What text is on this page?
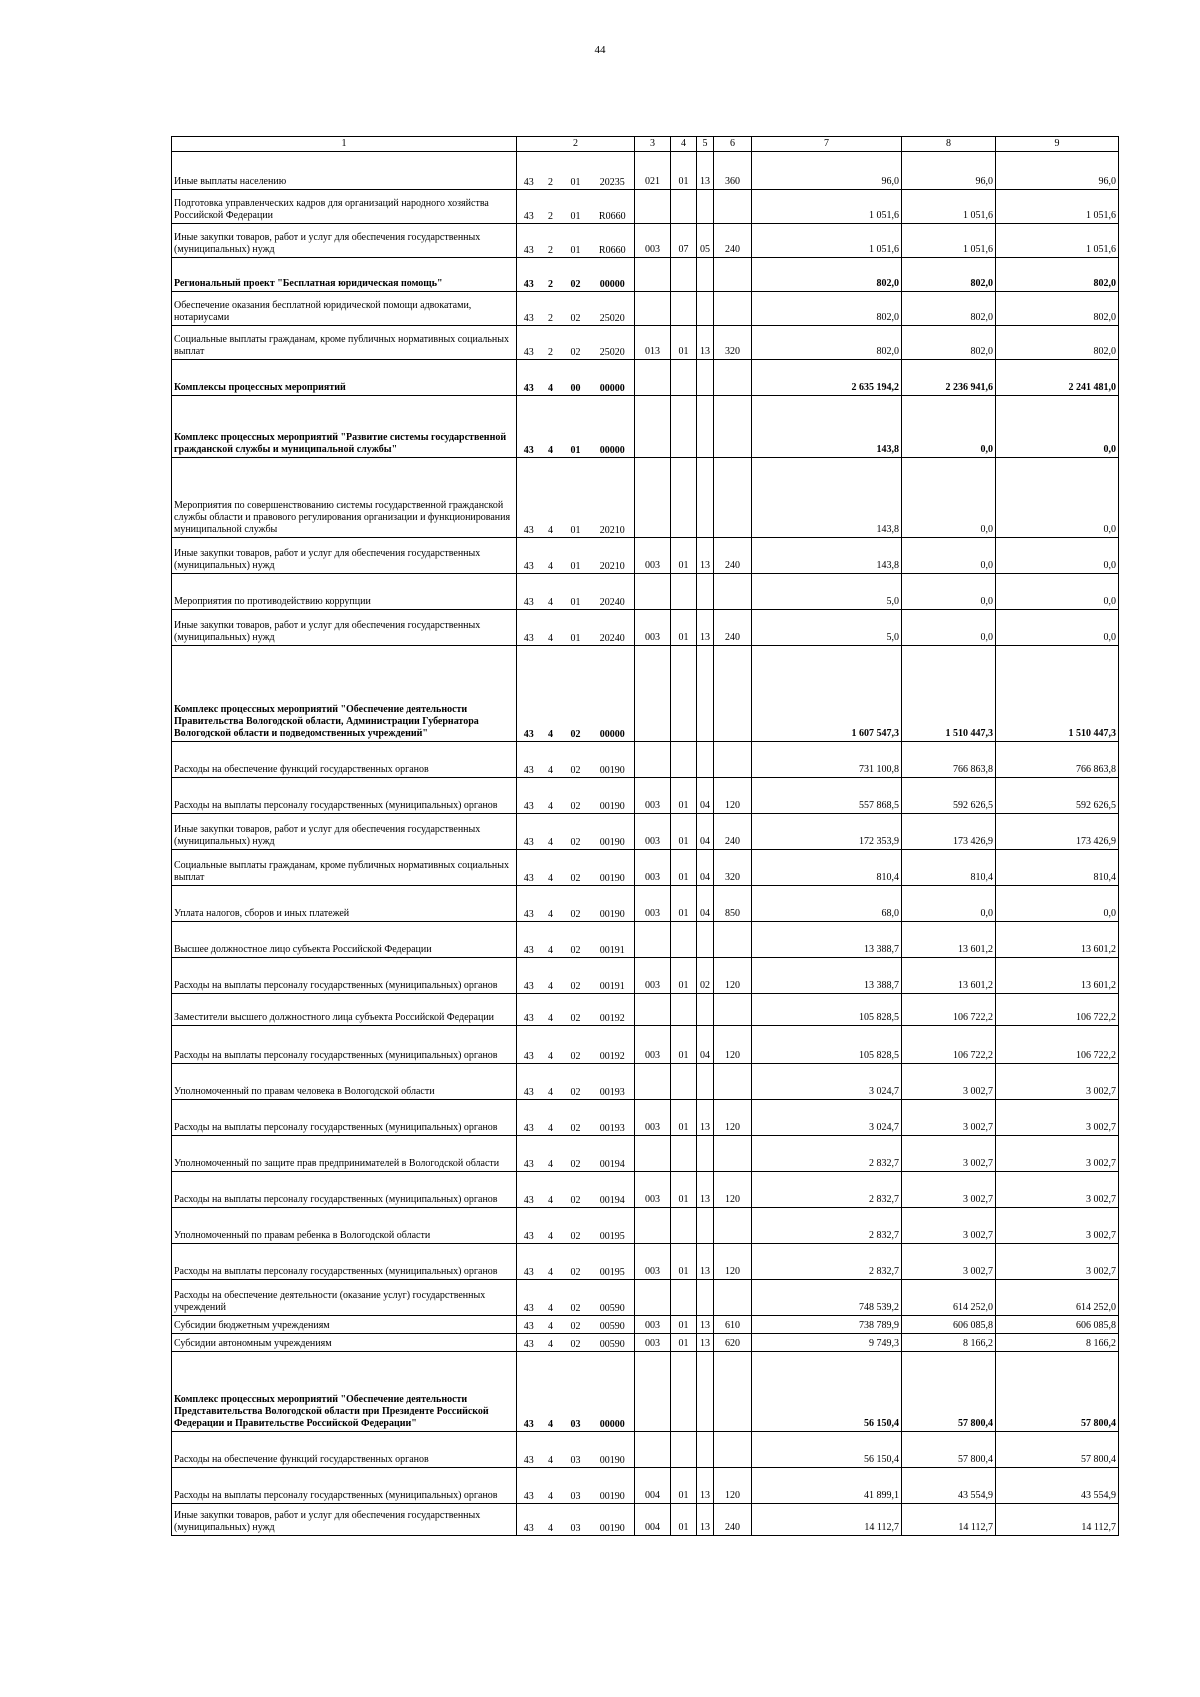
44
1	2				3	4	5	6	7	8	9
Иные выплаты населению	43	2	01	20235	021	01	13	360	96,0	96,0	96,0
Подготовка управленческих кадров для организаций народного хозяйства Российской Федерации	43	2	01	R0660					1 051,6	1 051,6	1 051,6
Иные закупки товаров, работ и услуг для обеспечения государственных (муниципальных) нужд	43	2	01	R0660	003	07	05	240	1 051,6	1 051,6	1 051,6
Региональный проект "Бесплатная юридическая помощь"	43	2	02	00000					802,0	802,0	802,0
Обеспечение оказания бесплатной юридической помощи адвокатами, нотариусами	43	2	02	25020					802,0	802,0	802,0
Социальные выплаты гражданам, кроме публичных нормативных социальных выплат	43	2	02	25020	013	01	13	320	802,0	802,0	802,0
Комплексы процессных мероприятий	43	4	00	00000					2 635 194,2	2 236 941,6	2 241 481,0
Комплекс процессных мероприятий "Развитие системы государственной гражданской службы и муниципальной службы"	43	4	01	00000					143,8	0,0	0,0
Мероприятия по совершенствованию системы государственной гражданской службы области и правового регулирования организации и функционирования муниципальной службы	43	4	01	20210					143,8	0,0	0,0
Иные закупки товаров, работ и услуг для обеспечения государственных (муниципальных) нужд	43	4	01	20210	003	01	13	240	143,8	0,0	0,0
Мероприятия по противодействию коррупции	43	4	01	20240					5,0	0,0	0,0
Иные закупки товаров, работ и услуг для обеспечения государственных (муниципальных) нужд	43	4	01	20240	003	01	13	240	5,0	0,0	0,0
Комплекс процессных мероприятий "Обеспечение деятельности Правительства Вологодской области, Администрации Губернатора Вологодской области и подведомственных учреждений"	43	4	02	00000					1 607 547,3	1 510 447,3	1 510 447,3
Расходы на обеспечение функций государственных органов	43	4	02	00190					731 100,8	766 863,8	766 863,8
Расходы на выплаты персоналу государственных (муниципальных) органов	43	4	02	00190	003	01	04	120	557 868,5	592 626,5	592 626,5
Иные закупки товаров, работ и услуг для обеспечения государственных (муниципальных) нужд	43	4	02	00190	003	01	04	240	172 353,9	173 426,9	173 426,9
Социальные выплаты гражданам, кроме публичных нормативных социальных выплат	43	4	02	00190	003	01	04	320	810,4	810,4	810,4
Уплата налогов, сборов и иных платежей	43	4	02	00190	003	01	04	850	68,0	0,0	0,0
Высшее должностное лицо субъекта Российской Федерации	43	4	02	00191					13 388,7	13 601,2	13 601,2
Расходы на выплаты персоналу государственных (муниципальных) органов	43	4	02	00191	003	01	02	120	13 388,7	13 601,2	13 601,2
Заместители высшего должностного лица субъекта Российской Федерации	43	4	02	00192					105 828,5	106 722,2	106 722,2
Расходы на выплаты персоналу государственных (муниципальных) органов	43	4	02	00192	003	01	04	120	105 828,5	106 722,2	106 722,2
Уполномоченный по правам человека в Вологодской области	43	4	02	00193					3 024,7	3 002,7	3 002,7
Расходы на выплаты персоналу государственных (муниципальных) органов	43	4	02	00193	003	01	13	120	3 024,7	3 002,7	3 002,7
Уполномоченный по защите прав предпринимателей в Вологодской области	43	4	02	00194					2 832,7	3 002,7	3 002,7
Расходы на выплаты персоналу государственных (муниципальных) органов	43	4	02	00194	003	01	13	120	2 832,7	3 002,7	3 002,7
Уполномоченный по правам ребенка в Вологодской области	43	4	02	00195					2 832,7	3 002,7	3 002,7
Расходы на выплаты персоналу государственных (муниципальных) органов	43	4	02	00195	003	01	13	120	2 832,7	3 002,7	3 002,7
Расходы на обеспечение деятельности (оказание услуг) государственных учреждений	43	4	02	00590					748 539,2	614 252,0	614 252,0
Субсидии бюджетным учреждениям	43	4	02	00590	003	01	13	610	738 789,9	606 085,8	606 085,8
Субсидии автономным учреждениям	43	4	02	00590	003	01	13	620	9 749,3	8 166,2	8 166,2
Комплекс процессных мероприятий "Обеспечение деятельности Представительства Вологодской области при Президенте Российской Федерации и Правительстве Российской Федерации"	43	4	03	00000					56 150,4	57 800,4	57 800,4
Расходы на обеспечение функций государственных органов	43	4	03	00190					56 150,4	57 800,4	57 800,4
Расходы на выплаты персоналу государственных (муниципальных) органов	43	4	03	00190	004	01	13	120	41 899,1	43 554,9	43 554,9
Иные закупки товаров, работ и услуг для обеспечения государственных (муниципальных) нужд	43	4	03	00190	004	01	13	240	14 112,7	14 112,7	14 112,7
